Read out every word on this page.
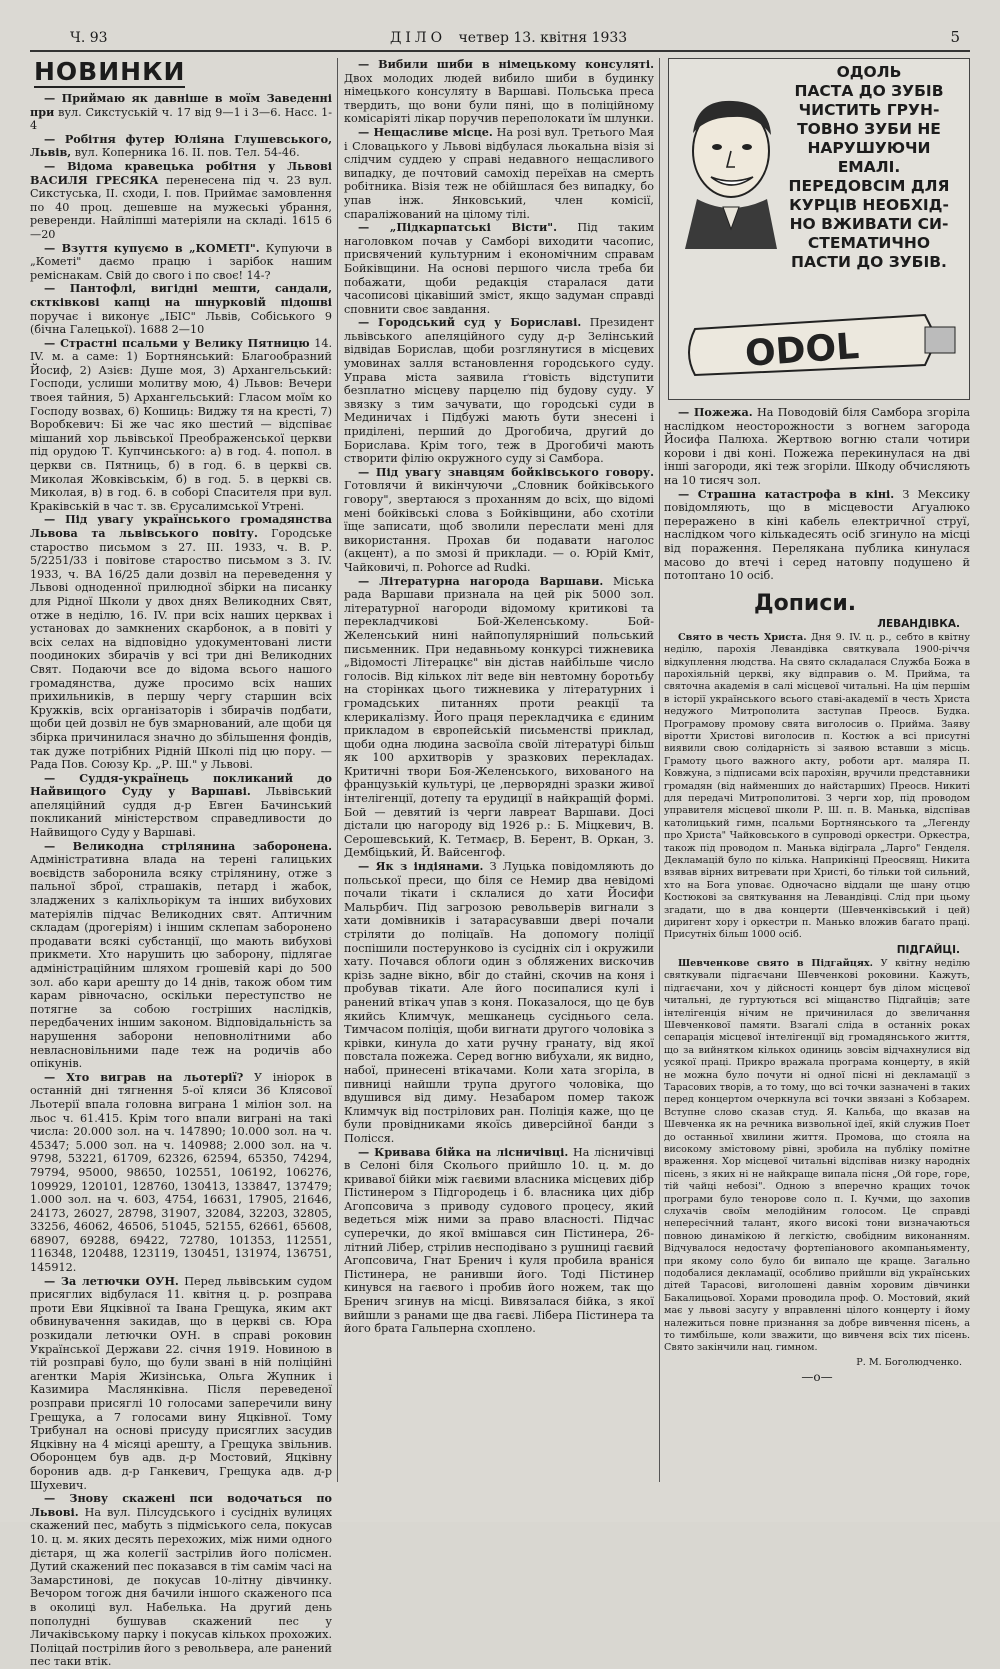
Ч. 93	ДІЛО четвер 13. квітня 1933	5
НОВИНКИ

— Приймаю як давніше в моїм Заведенні при вул. Сикстуській ч. 17 від 9—1 і 3—6. Насс. 1-4

— Робітня футер Юліяна Глушевського, Львів, вул. Коперника 16. II. пов. Тел. 54-46.

— Відома кравецька робітня у Львові ВАСИЛЯ ГРЕСЯКА перенесена під ч. 23 вул. Сикстуська, II. сходи, I. пов. Приймає замовлення по 40 проц. дешевше на мужеські убрання, реверенди. Найліпші матеріяли на складі. 1615 6—20

— Взуття купуємо в „КОМЕТІ". Купуючи в „Кометі" даємо працю і зарібок нашим реміснакам. Свій до свого і по своє! 14-?

— Пантофлі, вигідні мешти, сандали, сктківкові капці на шнурковій підошві поручає і виконує „ІБІС" Львів, Собіського 9 (бічна Галецької). 1688 2—10

— Страстні псальми у Велику Пятницю 14. IV. м. а саме: 1) Бортнянський: Благообразний Йосиф, 2) Азієв: Душе моя, 3) Архангельський: Господи, услиши молитву мою, 4) Львов: Вечери твоея тайния, 5) Архангельський: Гласом моїм ко Господу возвах, 6) Кошиць: Виджу тя на кресті, 7) Воробкевич: Бі же час яко шестий — відспіває мішаний хор львівської Преображенської церкви під орудою Т. Купчинського: а) в год. 4. попол. в церкви св. Пятниць, б) в год. 6. в церкві св. Миколая Жовківськім, б) в год. 5. в церкві св. Миколая, в) в год. 6. в соборі Спасителя при вул. Краківській в час т. зв. Єрусалимської Утрені.

— Під увагу українського громадянства Львова та львівського повіту. Городське староство письмом з 27. III. 1933, ч. В. Р. 5/2251/33 і повітове староство письмом з 3. IV. 1933, ч. ВА 16/25 дали дозвіл на переведення у Львові одноденної прилюдної збірки на писанку для Рідної Школи у двох днях Великодних Свят, отже в неділю, 16. IV. при всіх наших церквах і установах до замкнених скарбонок, а в повіті у всіх селах на відповідно удокументовані листи поодиноких збирачів у всі три дні Великодних Свят. Подаючи все до відома всього нашого громадянства, дуже просимо всіх наших прихильників, в першу чергу старшин всіх Кружків, всіх організаторів і збирачів подбати, щоби цей дозвіл не був змарнований, але щоби ця збірка причинилася значно до збільшення фондів, так дуже потрібних Рідній Школі під цю пору. — Рада Пов. Союзу Кр. „Р. Ш." у Львові.

— Суддя-українець покликаний до Найвищого Суду у Варшаві. Львівський апеляційний суддя д-р Евген Бачинський покликаний міністерством справедливости до Найвищого Суду у Варшаві.

— Великодна стрілянина заборонена. Адміністративна влада на терені галицьких воєвідств заборонила всяку стрілянину, отже з пальної зброї, страшаків, петард і жабок, зладжених з каліхльорікум та інших вибухових матеріялів підчас Великодних свят. Аптичним складам (дрогеріям) і іншим склепам заборонено продавати всякі субстанції, що мають вибухові прикмети. Хто нарушить цю заборону, підлягае адміністраційним шляхом грошевій карі до 500 зол. або кари арешту до 14 днів, також обом тим карам рівночасно, оскільки переступство не потягне за собою гостріших наслідків, передбачених іншим законом. Відповідальність за нарушення заборони неповнолітними або невласновільними паде теж на родичів або опікунів.

— Хто виграв на льотерії? У ініорок в останній дні тягнення 5-ої кляси 36 Клясової Льотерії впала головна виграна 1 міліон зол. на льос ч. 61.415. Крім того впали виграні на такі числа: 20.000 зол. на ч. 147890; 10.000 зол. на ч. 45347; 5.000 зол. на ч. 140988; 2.000 зол. на ч. 9798, 53221, 61709, 62326, 62594, 65350, 74294, 79794, 95000, 98650, 102551, 106192, 106276, 109929, 120101, 128760, 130413, 133847, 137479; 1.000 зол. на ч. 603, 4754, 16631, 17905, 21646, 24173, 26027, 28798, 31907, 32084, 32203, 32805, 33256, 46062, 46506, 51045, 52155, 62661, 65608, 68907, 69288, 69422, 72780, 101353, 112551, 116348, 120488, 123119, 130451, 131974, 136751, 145912.

— За летючки ОУН. Перед львівським судом присяглих відбулася 11. квітня ц. р. розправа проти Еви Яцківної та Івана Грещука, яким акт обвинувачення закидав, що в церкві св. Юра розкидали летючки ОУН. в справі роковин Української Держави 22. січня 1919. Новиною в тій розправі було, що були звані в ній поліційні агентки Марія Жизінська, Ольга Жупник і Казимира Маслянківна. Після переведеної розправи присяглі 10 голосами заперечили вину Грещука, а 7 голосами вину Яцківної. Тому Трибунал на основі присуду присяглих засудив Яцківну на 4 місяці арешту, а Грещука звільнив. Оборонцем був адв. д-р Мостовий, Яцківну боронив адв. д-р Ганкевич, Грещука адв. д-р Шухевич.

— Знову скажені пси водочаться по Львові. На вул. Пілсудського і сусідніх вулицях скажений пес, мабуть з підміського села, покусав 10. ц. м. яких десять перехожих, між ними одного дієтаря, щ жа колегії застрілив його полісмен. Дутий скажений пес показався в тім самім часі на Замарстинові, де покусав 10-літну дівчинку. Вечором тогож дня бачили іншого скаженого пса в околиці вул. Набелька. На другий день пополудні бушував скажений пес у Личаківському парку і покусав кількох прохожих. Поліцай пострілив його з револьвера, але ранений пес таки втік.

— Вибили шиби в німецькому консуляті. Двох молодих людей вибило шиби в будинку німецького консуляту в Варшаві. Польська преса твердить, що вони були пяні, що в поліційному комісаріяті лікар поручив переполокати їм шлунки.

— Нещасливе місце. На розі вул. Третього Мая і Словацького у Львові відбулася льокальна візія зі слідчим суддею у справі недавного нещасливого випадку, де почтовий самохід переїхав на смерть робітника. Візія теж не обійшлася без випадку, бо упав інж. Янковський, член комісії, спараліжований на цілому тілі.

— „Підкарпатські Вісти". Під таким наголовком почав у Самборі виходити часопис, присвячений культурним і економічним справам Бойківщини. На основі першого числа треба би побажати, щоби редакція старалася дати часописові цікавіший зміст, якщо задуман справді сповнити своє завдання.

— Городський суд у Бориславі. Президент львівського апеляційного суду д-р Зелінський відвідав Борислав, щоби розглянутися в місцевих умовинах залля встановлення городського суду. Управа міста заявила ґтовість відступити безплатно місцеву парцелю під будову суду. У звязку з тим зачувати, що городські суди в Мединичах і Підбужі мають бути знесені і приділені, перший до Дрогобича, другий до Борислава. Крім того, теж в Дрогобичі мають створити філію окружного суду зі Самбора.

— Під увагу знавцям бойківського говору. Готовлячи й викінчуючи „Словник бойківського говору", звертаюся з проханням до всіх, що відомі мені бойківські слова з Бойківщини, або схотіли їще записати, щоб зволили переслати мені для використання. Прохав би подавати наголос (акцент), а по змозі й приклади. — о. Юрій Кміт, Чайковичі, п. Pohorce ad Rudki.

— Літературна нагорода Варшави. Міська рада Варшави признала на цей рік 5000 зол. літературної нагороди відомому критикові та перекладчикові Бой-Желенському. Бой-Желенський нині найпопулярніший польський письменник. При недавньому конкурсі тижневика „Відомості Літерацкє" він дістав найбільше число голосів. Від кількох літ веде він невтомну боротьбу на сторінках цього тижневика у літературних і громадських питаннях проти реакції та клерикалізму. Його праця перекладчика є єдиним прикладом в європейській письменстві приклад, щоби одна людина засвоїла своїй літературі більш як 100 архитворів у зразкових перекладах. Критичні твори Боя-Желенського, вихованого на французькій культурі, це ‚перворядні зразки живої інтелігенції, дотепу та ерудиції в найкращій формі. Бой — девятий із черги лавреат Варшави. Досі дістали цю нагороду від 1926 р.: Б. Міцкевич, В. Серошевський, К. Тетмаєр, В. Берент, В. Оркан, З. Дембіцький, Й. Вайсенгоф.

— Як з індіянами. З Луцька повідомляють до польської преси, що біля се Немир два невідомі почали тікати і склалися до хати Йосифи Мальрбич. Під загрозою револьверів вигнали з хати домівників і затарасувавши двері почали стріляти до поліцаїв. На допомогу поліції поспішили постерунково із сусідніх сіл і окружили хату. Почався облоги один з обляжених вискочив крізь задне вікно, вбіг до стайні, скочив на коня і пробував тікати. Але його посипалися кулі і ранений втікач упав з коня. Показалося, що це був якийсь Климчук, мешканець сусіднього села. Тимчасом поліція, щоби вигнати другого чоловіка з крівки, кинула до хати ручну гранату, від якої повстала пожежа. Серед вогню вибухали, як видно, набої, принесені втікачами. Коли хата згоріла, в пивниці найшли трупа другого чоловіка, що вдушився від диму. Незабаром помер також Климчук від пострілових ран. Поліція каже, що це були провідниками якоїсь диверсійної банди з Полісся.

— Кривава бійка на лісничівці. На лісничівці в Селоні біля Сколього прийшло 10. ц. м. до кривавої бійки між гаєвими власника місцевих дібр Пістинером з Підгородець і б. власника цих дібр Агопсовича з приводу судового процесу, який ведеться між ними за право власності. Підчас суперечки, до якої вмішався син Пістинера, 26-літний Лібер, стрілив несподівано з рушниці гаєвий Агопсовича, Гнат Бренич і куля пробила враніся Пістинера, не ранивши його. Тоді Пістинер кинувся на гаєвого і пробив його ножем, так що Бренич згинув на місці. Вивязалася бійка, з якої вийшли з ранами ще два гаєві. Лібера Пістинера та його брата Гальперна схоплено.

ОДОЛЬ
ПАСТА ДО ЗУБІВ
ЧИСТИТЬ ГРУН-
ТОВНО ЗУБИ НЕ
НАРУШУЮЧИ
ЕМАЛІ.
ПЕРЕДОВСІМ ДЛЯ
КУРЦІВ НЕОБХІД-
НО ВЖИВАТИ СИ-
СТЕМАТИЧНО
ПАСТИ ДО ЗУБІВ.
ODOL

— Пожежа. На Поводовій біля Самбора згоріла наслідком неосторожности з вогнем загорода Йосифа Палюха. Жертвою вогню стали чотири корови і дві коні. Пожежа перекинулася на дві інші загороди, які теж згоріли. Шкоду обчисляють на 10 тисяч зол.

— Страшна катастрофа в кіні. З Мексику повідомляють, що в місцевости Агуалюко переражено в кіні кабель електричної струї, наслідком чого кількадесять осіб згинуло на місці від пораження. Переляканa публика кинулася масово до втечі і серед натовпу подушено й потоптано 10 осіб.

Дописи.
ЛЕВАНДІВКА.

Свято в честь Христа. Дня 9. IV. ц. р., себто в квітну неділю, парохія Левандівка святкувала 1900-річчя відкуплення людства. На свято складалася Служба Божа в парохіяльній церкві, яку відправив о. М. Прийма, та святочна академія в салі місцевої читальні. На цім першім в історії українського всього ставі-академії в честь Христа недужого Митрополита заступав Преосв. Будка. Програмову промову свята виголосив о. Прийма. Заяву віротти Христові виголосив п. Костюк а всі присутні виявили свою солідарність зі заявою вставши з місць. Грамоту цього важного акту, роботи арт. маляра П. Ковжуна, з підписами всіх парохіян, вручили представники громадян (від найменших до найстарших) Преосв. Никиті для передачі Митрополитові. З черги хор, під проводом управителя місцевої школи Р. Ш. п. В. Манька, відспівав католицький гимн, псальми Бортнянського та „Легенду про Христа" Чайковського в супроводі оркестри. Оркестра, також під проводом п. Манька відіграла „Ларго" Генделя. Декламацій було по кілька. Наприкінці Преосвящ. Никита взявав вірних витревати при Христі, бо тільки той сильний, хто на Бога уповає. Одночасно віддали ще шану отцю Костюкові за святкування на Левандівці. Слід при цьому згадати, що в два концерти (Шевченківський і цей) диригент хору і оркестри п. Манько вложив багато праці. Присутніх більш 1000 осіб.

ПІДГАЙЦІ.

Шевченкове свято в Підгайцях. У квітну неділю святкували підгаєчани Шевченкові роковини. Кажуть, підгаєчани, хоч у дійсності концерт був ділом місцевої читальні, де гуртуються всі міщанство Підгайців; зате інтелігенція нічим не причинилася до звеличання Шевченкової памяти. Взагалі сліда в останніх роках сепарація місцевої інтелігенції від громадянського життя, що за вийнятком кількох одиниць зовсім відчахнулися від усякої праці. Прикро вражала програма концерту, в якій не можна було почути ні одної пісні ні декламації з Тарасових творів, а то тому, що всі точки зазначені в таких перед концертом очеркнула всі точки звязані з Кобзарем. Вступне слово сказав студ. Я. Кальба, що вказав на Шевченка як на речника визвольної ідеї, якій служив Поет до останньої хвилини життя. Промова, що стояла на високому змістовому рівні, зробила на публіку помітне враження. Хор місцевої читальні відспівав низку народніх пісень, з яких ні не найкраще випала пісня „Ой горе, горе, тій чайці небозі". Одною з вперечно кращих точок програми було тенорове соло п. І. Кучми, що захопив слухачів своїм мелодійним голосом. Це справді непересічний талант, якого високі тони визначаються повною динамікою й легкістю, свобідним виконанням. Відчувалося недостачу фортепіанового акомпаньяменту, при якому соло було би випало ще краще. Загально подобалися декламації, особливо прийшли від українських дітей Тарасові, виголошені давнім хоровим дівчинки Бакалицьової. Хорами проводила проф. О. Мостовий, який має у львові засугу у вправленні цілого концерту і йому належиться повне признання за добре вивчення пісень, а то тимбільше, коли зважити, що вивченя всіх тих пісень. Свято закінчили нац. гимном.

Р. М. Боголюдченко.
—o—
